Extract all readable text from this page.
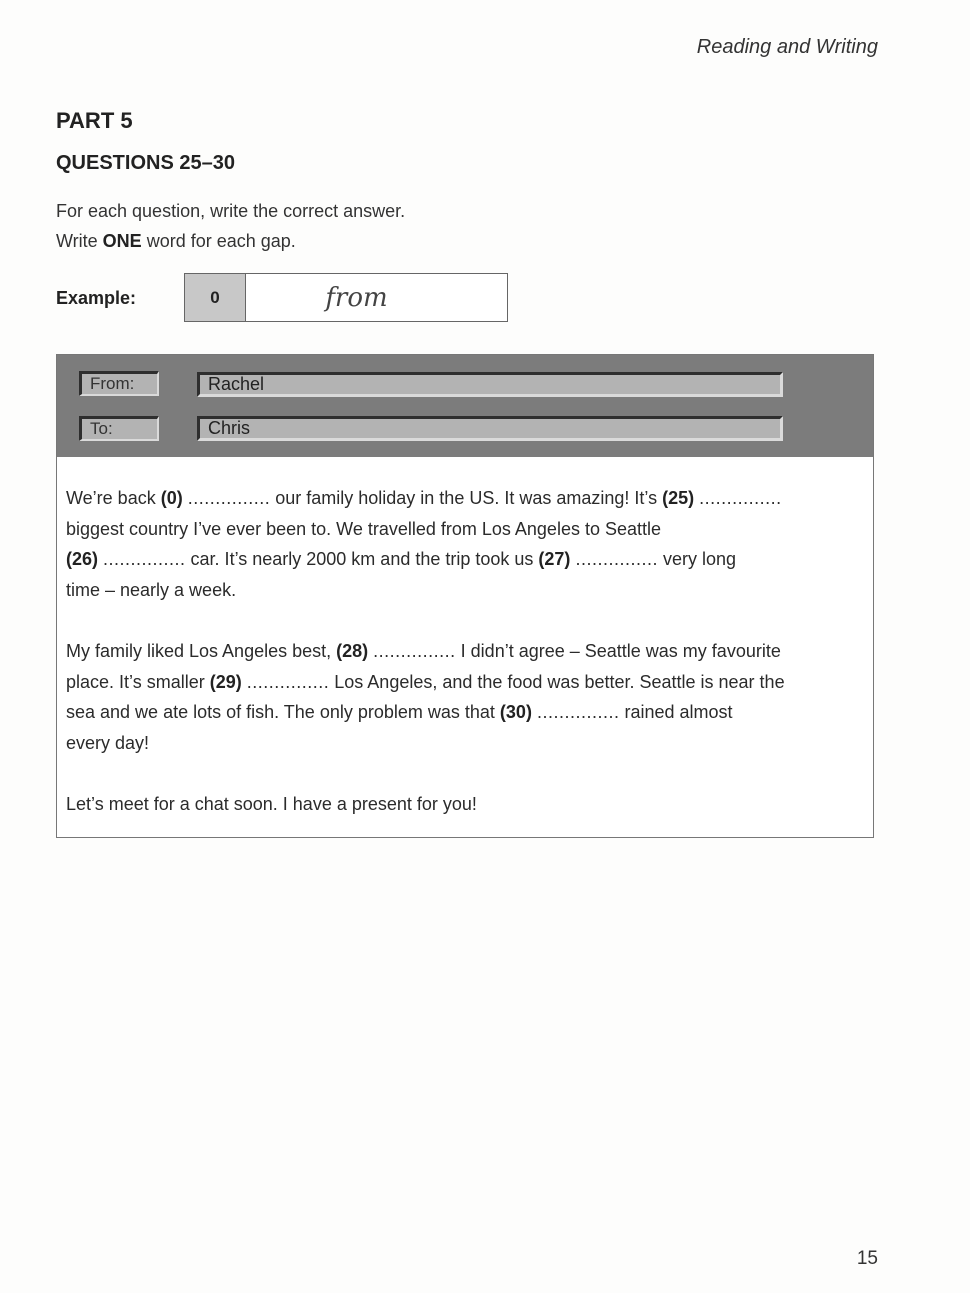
Reading and Writing
PART 5
QUESTIONS 25–30
For each question, write the correct answer.
Write ONE word for each gap.
Example:	0	from
From:	Rachel
To:	Chris

We’re back (0) ............... our family holiday in the US. It was amazing! It’s (25) ...............
biggest country I’ve ever been to. We travelled from Los Angeles to Seattle
(26) ............... car. It’s nearly 2000 km and the trip took us (27) ............... very long
time – nearly a week.

My family liked Los Angeles best, (28) ............... I didn’t agree – Seattle was my favourite
place. It’s smaller (29) ............... Los Angeles, and the food was better. Seattle is near the
sea and we ate lots of fish. The only problem was that (30) ............... rained almost
every day!

Let’s meet for a chat soon. I have a present for you!

15
